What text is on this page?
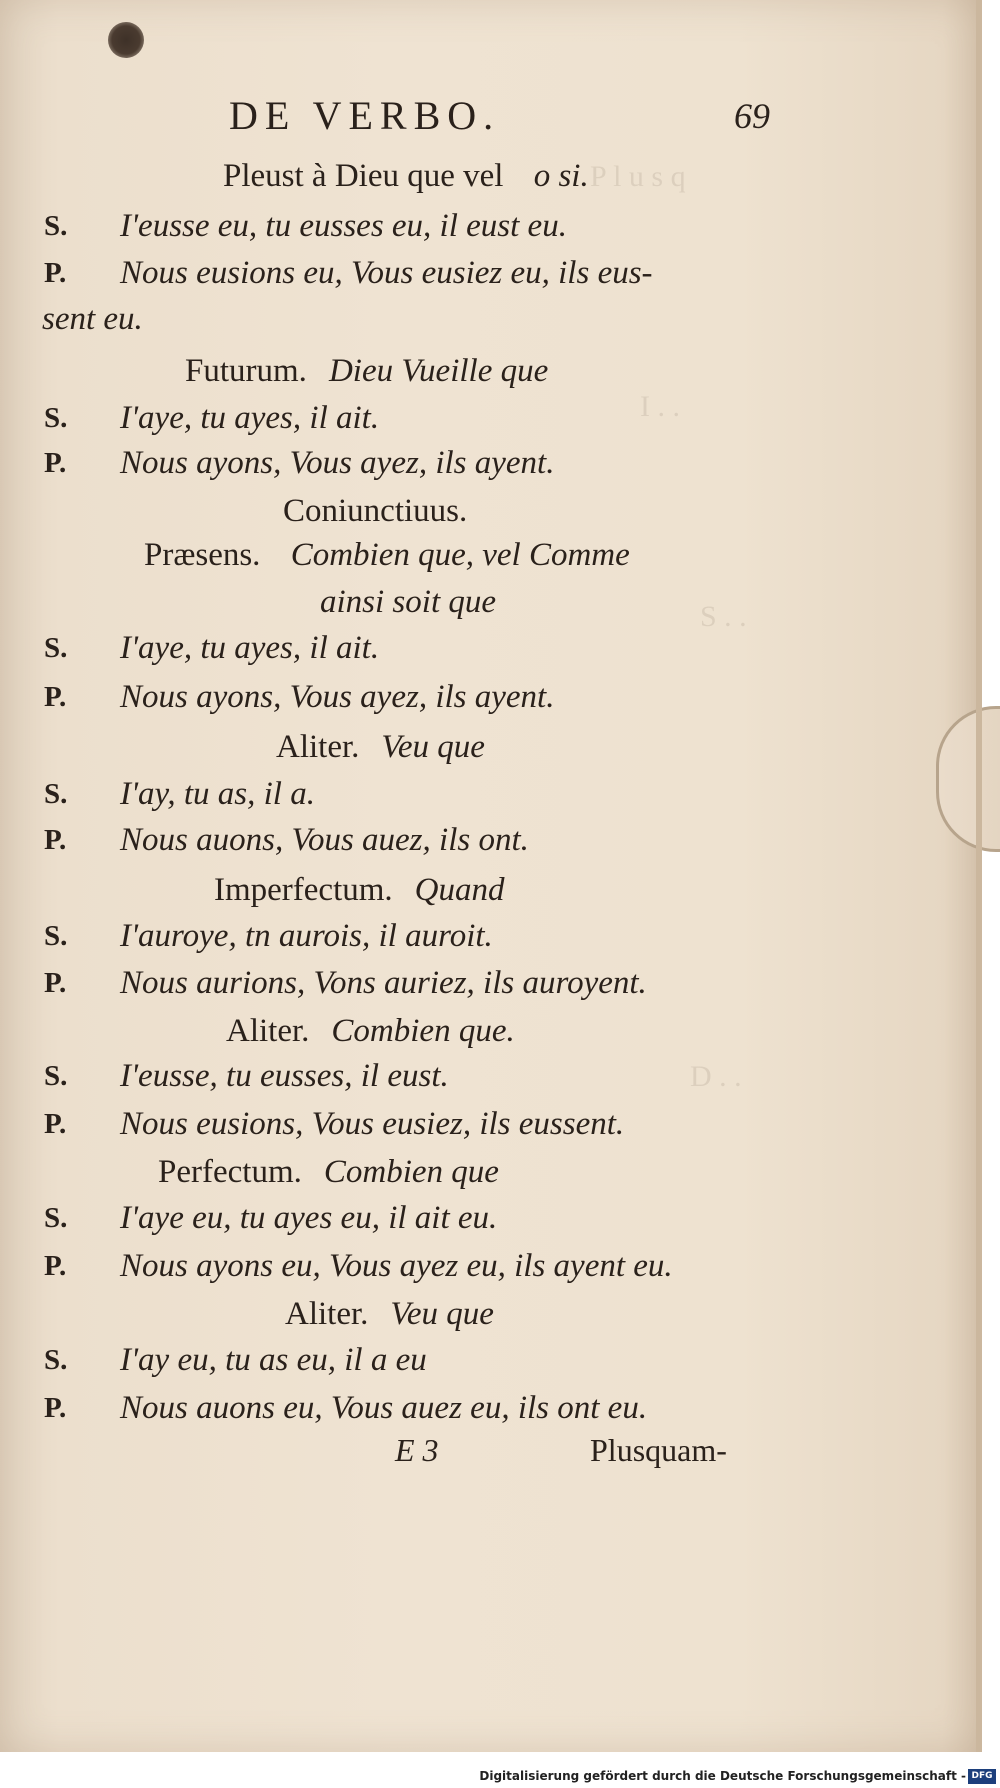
P l u s q
I . .
S . .
D . .
DE VERBO.	69
Pleust à Dieu que vel o si.
S. I'eusse eu, tu eusses eu, il eust eu.
P. Nous eusions eu, Vous eusiez eu, ils eus-
sent eu.
Futurum. Dieu Vueille que
S. I'aye, tu ayes, il ait.
P. Nous ayons, Vous ayez, ils ayent.
Coniunctiuus.
Præsens. Combien que, vel Comme
ainsi soit que
S. I'aye, tu ayes, il ait.
P. Nous ayons, Vous ayez, ils ayent.
Aliter. Veu que
S. I'ay, tu as, il a.
P. Nous auons, Vous auez, ils ont.
Imperfectum. Quand
S. I'auroye, tn aurois, il auroit.
P. Nous aurions, Vons auriez, ils auroyent.
Aliter. Combien que.
S. I'eusse, tu eusses, il eust.
P. Nous eusions, Vous eusiez, ils eussent.
Perfectum. Combien que
S. I'aye eu, tu ayes eu, il ait eu.
P. Nous ayons eu, Vous ayez eu, ils ayent eu.
Aliter. Veu que
S. I'ay eu, tu as eu, il a eu
P. Nous auons eu, Vous auez eu, ils ont eu.
E 3	Plusquam-
Digitalisierung gefördert durch die Deutsche Forschungsgemeinschaft - DFG
